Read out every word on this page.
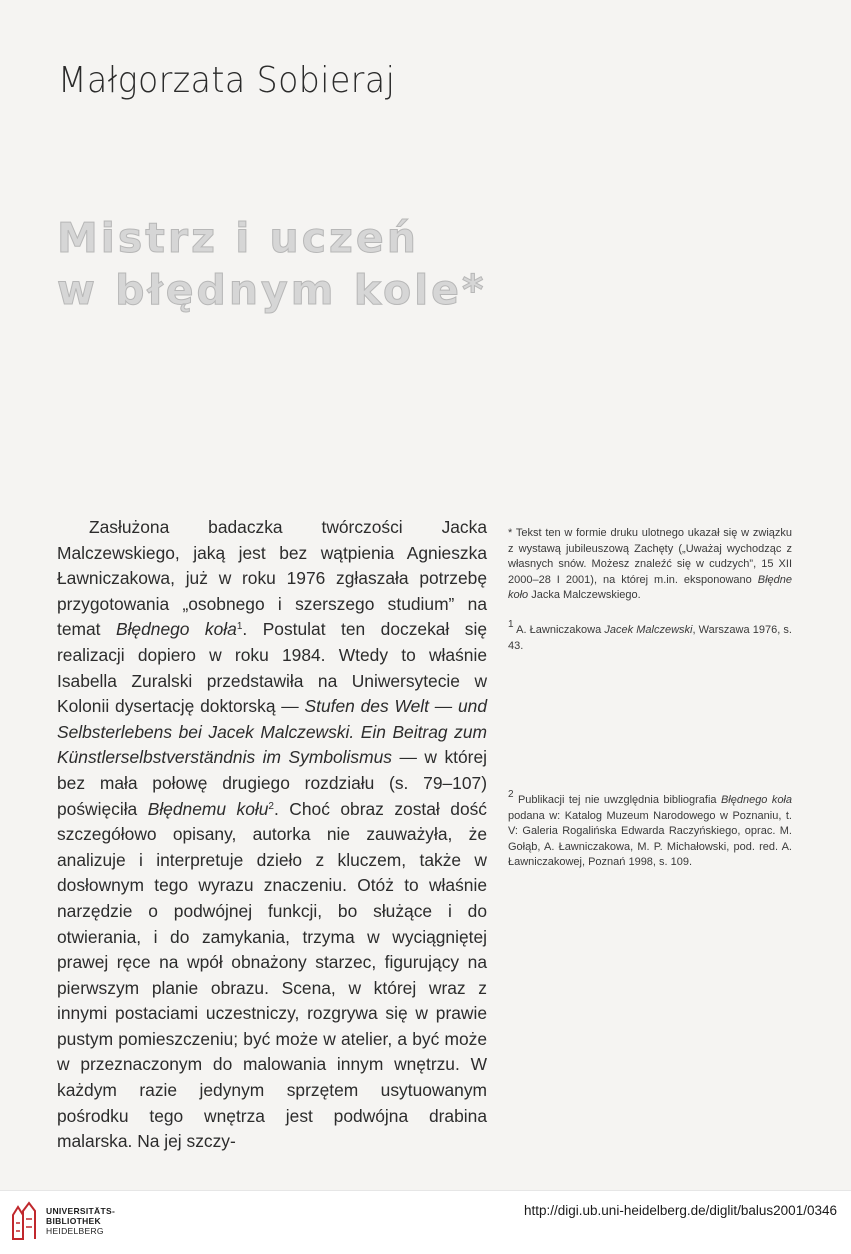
Małgorzata Sobieraj
Mistrz i uczeń
w błędnym kole*

Zasłużona badaczka twórczości Jacka Malczewskiego, jaką jest bez wątpienia Agnieszka Ławniczakowa, już w roku 1976 zgłaszała potrzebę przygotowania „osobnego i szerszego studium” na temat Błędnego koła$^1$. Postulat ten doczekał się realizacji dopiero w roku 1984. Wtedy to właśnie Isabella Zuralski przedstawiła na Uniwersytecie w Kolonii dysertację doktorską — Stufen des Welt — und Selbsterlebens bei Jacek Malczewski. Ein Beitrag zum Künstlerselbstverständnis im Symbolismus — w której bez mała połowę drugiego rozdziału (s. 79–107) poświęciła Błędnemu kołu$^2$. Choć obraz został dość szczegółowo opisany, autorka nie zauważyła, że analizuje i interpretuje dzieło z kluczem, także w dosłownym tego wyrazu znaczeniu. Otóż to właśnie narzędzie o podwójnej funkcji, bo służące i do otwierania, i do zamykania, trzyma w wyciągniętej prawej ręce na wpół obnażony starzec, figurujący na pierwszym planie obrazu. Scena, w której wraz z innymi postaciami uczestniczy, rozgrywa się w prawie pustym pomieszczeniu; być może w atelier, a być może w przeznaczonym do malowania innym wnętrzu. W każdym razie jedynym sprzętem usytuowanym pośrodku tego wnętrza jest podwójna drabina malarska. Na jej szczy-

* Tekst ten w formie druku ulotnego ukazał się w związku z wystawą jubileuszową Zachęty („Uważaj wychodząc z własnych snów. Możesz znaleźć się w cudzych”, 15 XII 2000–28 I 2001), na której m.in. eksponowano Błędne koło Jacka Malczewskiego.
$^1$ A. Ławniczakowa Jacek Malczewski, Warszawa 1976, s. 43.
$^2$ Publikacji tej nie uwzględnia bibliografia Błędnego koła podana w: Katalog Muzeum Narodowego w Poznaniu, t. V: Galeria Rogalińska Edwarda Raczyńskiego, oprac. M. Gołąb, A. Ławniczakowa, M. P. Michałowski, pod. red. A. Ławniczakowej, Poznań 1998, s. 109.
UNIVERSITÄTS-
BIBLIOTHEK
HEIDELBERG
http://digi.ub.uni-heidelberg.de/diglit/balus2001/0346
